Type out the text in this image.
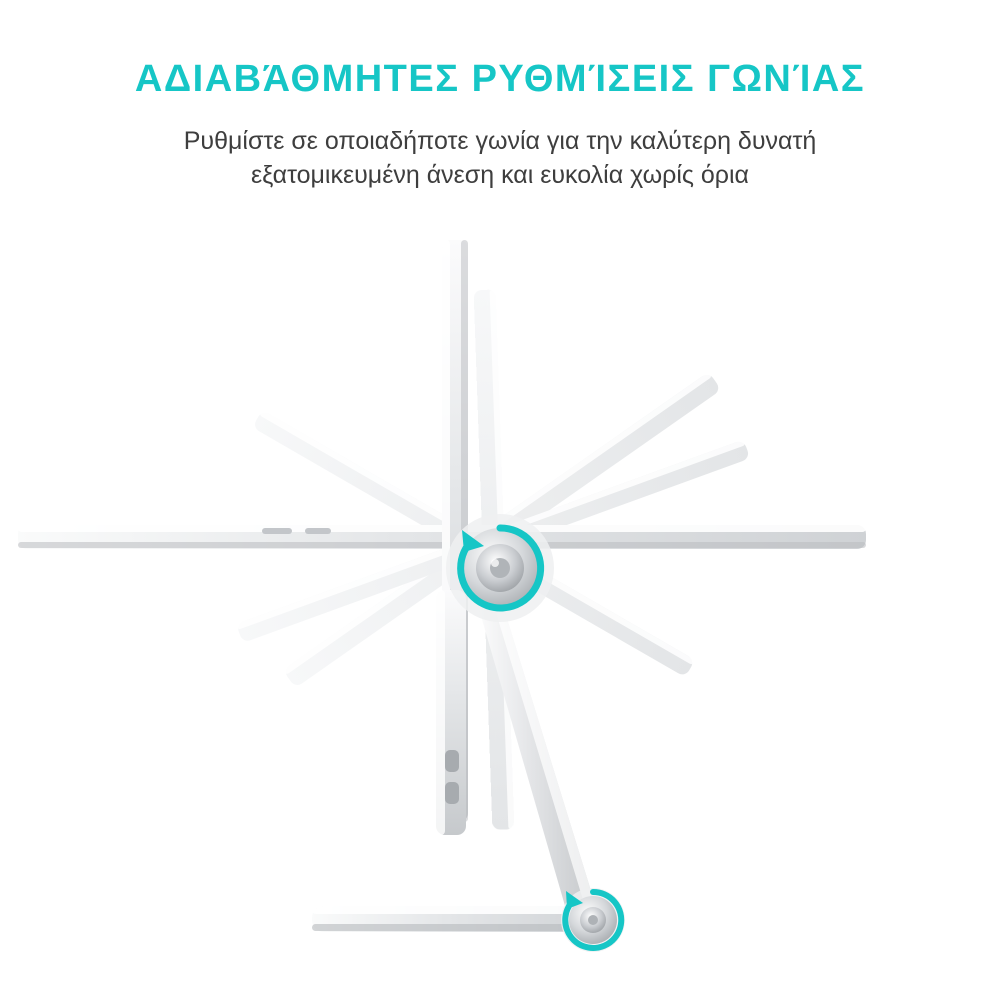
ΑΔΙΑΒΆΘΜΗΤΕΣ ΡΥΘΜΊΣΕΙΣ ΓΩΝΊΑΣ

Ρυθμίστε σε οποιαδήποτε γωνία για την καλύτερη δυνατή
εξατομικευμένη άνεση και ευκολία χωρίς όρια
